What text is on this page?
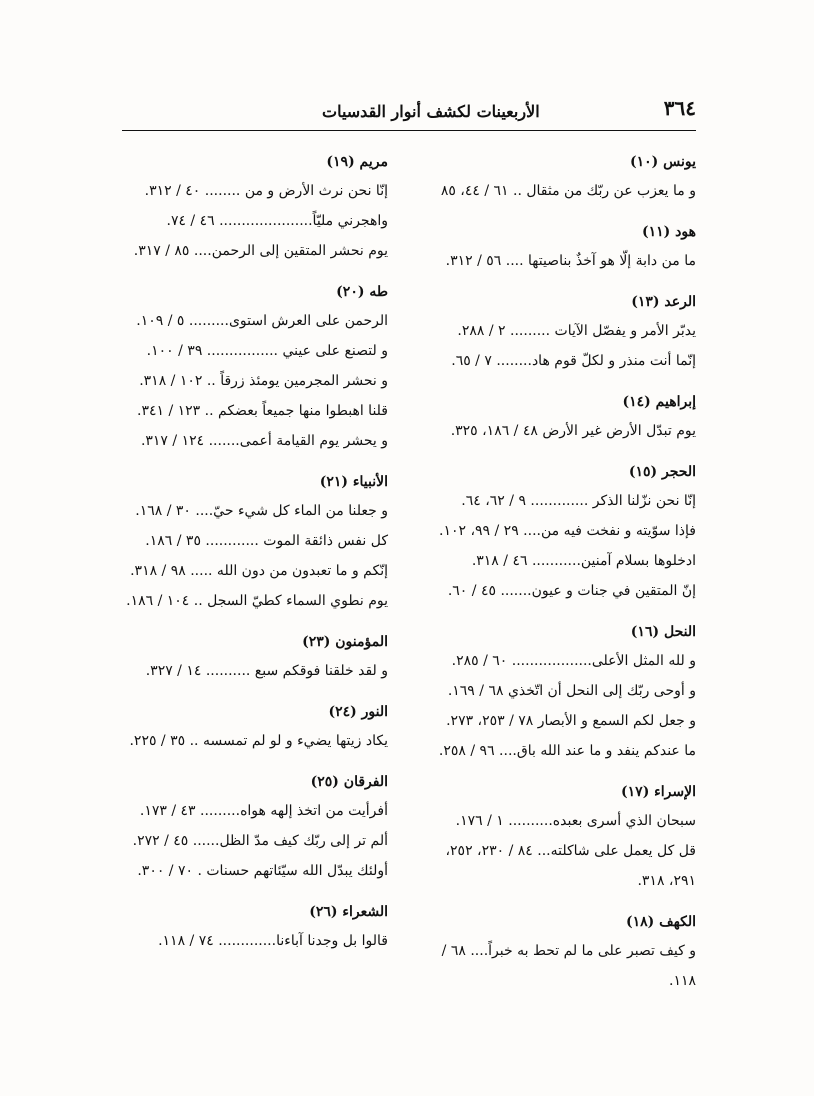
الأربعينات لكشف أنوار القدسيات	٣٦٤
يونس (١٠)
و ما يعزب عن ربّك من مثقال .. ٦١ / ٤٤، ٨٥
هود (١١)
ما من دابة إلّا هو آخذٌ بناصيتها .... ٥٦ / ٣١٢.
الرعد (١٣)
يدبّر الأمر و يفصّل الآيات ......... ٢ / ٢٨٨.
إنّما أنت منذر و لكلّ قوم هاد........ ٧ / ٦٥.
إبراهيم (١٤)
يوم تبدّل الأرض غير الأرض ٤٨ / ١٨٦، ٣٢٥.
الحجر (١٥)
إنّا نحن نزّلنا الذكر ............. ٩ / ٦٢، ٦٤.
فإذا سوّيته و نفخت فيه من.... ٢٩ / ٩٩، ١٠٢.
ادخلوها بسلام آمنين........... ٤٦ / ٣١٨.
إنّ المتقين في جنات و عيون....... ٤٥ / ٦٠.
النحل (١٦)
و لله المثل الأعلى.................. ٦٠ / ٢٨٥.
و أوحى ربّك إلى النحل أن اتّخذي ٦٨ / ١٦٩.
و جعل لكم السمع و الأبصار ٧٨ / ٢٥٣، ٢٧٣.
ما عندكم ينفد و ما عند الله باق.... ٩٦ / ٢٥٨.
الإسراء (١٧)
سبحان الذي أسرى بعبده.......... ١ / ١٧٦.
قل كل يعمل على شاكلته... ٨٤ / ٢٣٠، ٢٥٢، ٢٩١، ٣١٨.
الكهف (١٨)
و كيف تصبر على ما لم تحط به خبراً.... ٦٨ / ١١٨.
مريم (١٩)
إنّا نحن نرث الأرض و من ........ ٤٠ / ٣١٢.
واهجرني مليّاً..................... ٤٦ / ٧٤.
يوم نحشر المتقين إلى الرحمن.... ٨٥ / ٣١٧.
طه (٢٠)
الرحمن على العرش استوى......... ٥ / ١٠٩.
و لتصنع على عيني ................ ٣٩ / ١٠٠.
و نحشر المجرمين يومئذ زرقاً .. ١٠٢ / ٣١٨.
قلنا اهبطوا منها جميعاً بعضكم .. ١٢٣ / ٣٤١.
و يحشر يوم القيامة أعمى....... ١٢٤ / ٣١٧.
الأنبياء (٢١)
و جعلنا من الماء كل شيء حيّ.... ٣٠ / ١٦٨.
كل نفس ذائقة الموت ............ ٣٥ / ١٨٦.
إنّكم و ما تعبدون من دون الله ..... ٩٨ / ٣١٨.
يوم نطوي السماء كطيّ السجل .. ١٠٤ / ١٨٦.
المؤمنون (٢٣)
و لقد خلقنا فوقكم سبع .......... ١٤ / ٣٢٧.
النور (٢٤)
يكاد زيتها يضيء و لو لم تمسسه .. ٣٥ / ٢٢٥.
الفرقان (٢٥)
أفرأيت من اتخذ إلهه هواه......... ٤٣ / ١٧٣.
ألم تر إلى ربّك كيف مدّ الظل...... ٤٥ / ٢٧٢.
أولئك يبدّل الله سيّئاتهم حسنات . ٧٠ / ٣٠٠.
الشعراء (٢٦)
قالوا بل وجدنا آباءنا............. ٧٤ / ١١٨.
